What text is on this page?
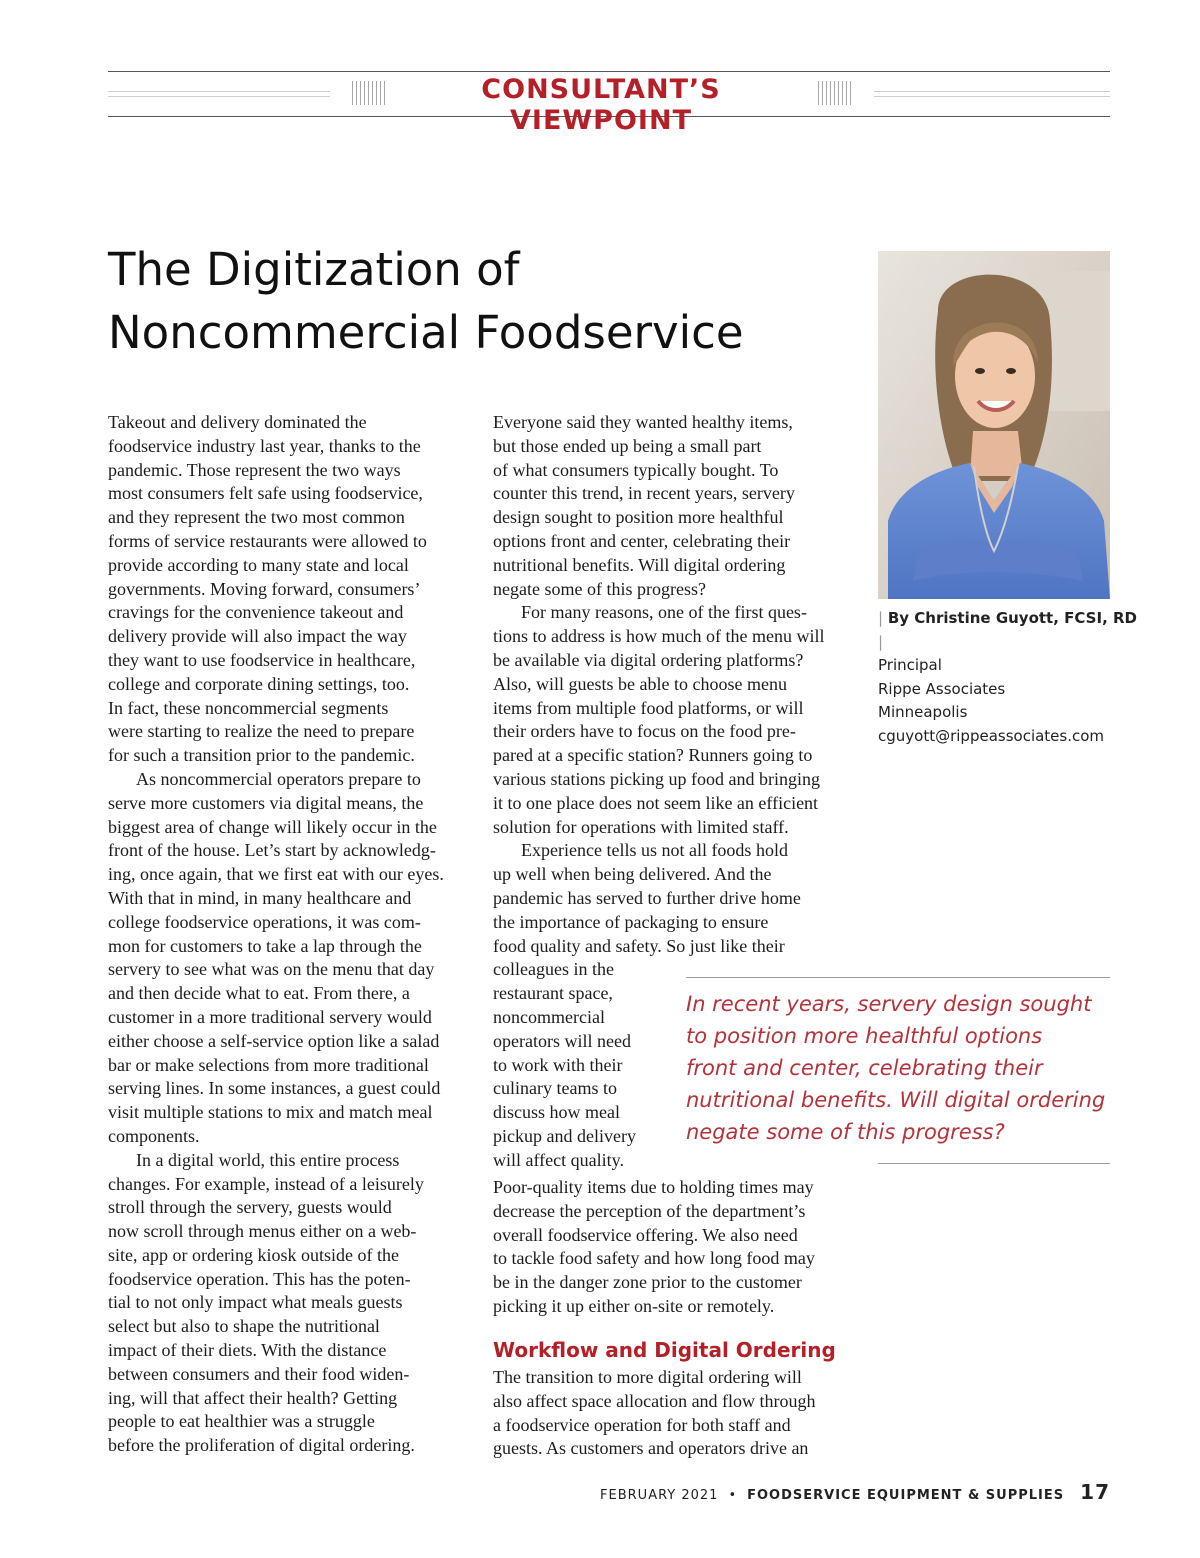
CONSULTANT’S VIEWPOINT
The Digitization of
Noncommercial Foodservice
| By Christine Guyott, FCSI, RD |
Principal
Rippe Associates
Minneapolis
cguyott@rippeassociates.com
Takeout and delivery dominated the
foodservice industry last year, thanks to the
pandemic. Those represent the two ways
most consumers felt safe using foodservice,
and they represent the two most common
forms of service restaurants were allowed to
provide according to many state and local
governments. Moving forward, consumers’
cravings for the convenience takeout and
delivery provide will also impact the way
they want to use foodservice in healthcare,
college and corporate dining settings, too.
In fact, these noncommercial segments
were starting to realize the need to prepare
for such a transition prior to the pandemic.
As noncommercial operators prepare to
serve more customers via digital means, the
biggest area of change will likely occur in the
front of the house. Let’s start by acknowledg-
ing, once again, that we first eat with our eyes.
With that in mind, in many healthcare and
college foodservice operations, it was com-
mon for customers to take a lap through the
servery to see what was on the menu that day
and then decide what to eat. From there, a
customer in a more traditional servery would
either choose a self-service option like a salad
bar or make selections from more traditional
serving lines. In some instances, a guest could
visit multiple stations to mix and match meal
components.
In a digital world, this entire process
changes. For example, instead of a leisurely
stroll through the servery, guests would
now scroll through menus either on a web-
site, app or ordering kiosk outside of the
foodservice operation. This has the poten-
tial to not only impact what meals guests
select but also to shape the nutritional
impact of their diets. With the distance
between consumers and their food widen-
ing, will that affect their health? Getting
people to eat healthier was a struggle
before the proliferation of digital ordering.
Everyone said they wanted healthy items,
but those ended up being a small part
of what consumers typically bought. To
counter this trend, in recent years, servery
design sought to position more healthful
options front and center, celebrating their
nutritional benefits. Will digital ordering
negate some of this progress?
For many reasons, one of the first ques-
tions to address is how much of the menu will
be available via digital ordering platforms?
Also, will guests be able to choose menu
items from multiple food platforms, or will
their orders have to focus on the food pre-
pared at a specific station? Runners going to
various stations picking up food and bringing
it to one place does not seem like an efficient
solution for operations with limited staff.
Experience tells us not all foods hold
up well when being delivered. And the
pandemic has served to further drive home
the importance of packaging to ensure
food quality and safety. So just like their
colleagues in the
restaurant space,
noncommercial
operators will need
to work with their
culinary teams to
discuss how meal
pickup and delivery
will affect quality.
Poor-quality items due to holding times may
decrease the perception of the department’s
overall foodservice offering. We also need
to tackle food safety and how long food may
be in the danger zone prior to the customer
picking it up either on-site or remotely.
Workflow and Digital Ordering
The transition to more digital ordering will
also affect space allocation and flow through
a foodservice operation for both staff and
guests. As customers and operators drive an
In recent years, servery design sought
to position more healthful options
front and center, celebrating their
nutritional benefits. Will digital ordering
negate some of this progress?
FEBRUARY 2021 • FOODSERVICE EQUIPMENT & SUPPLIES 17
